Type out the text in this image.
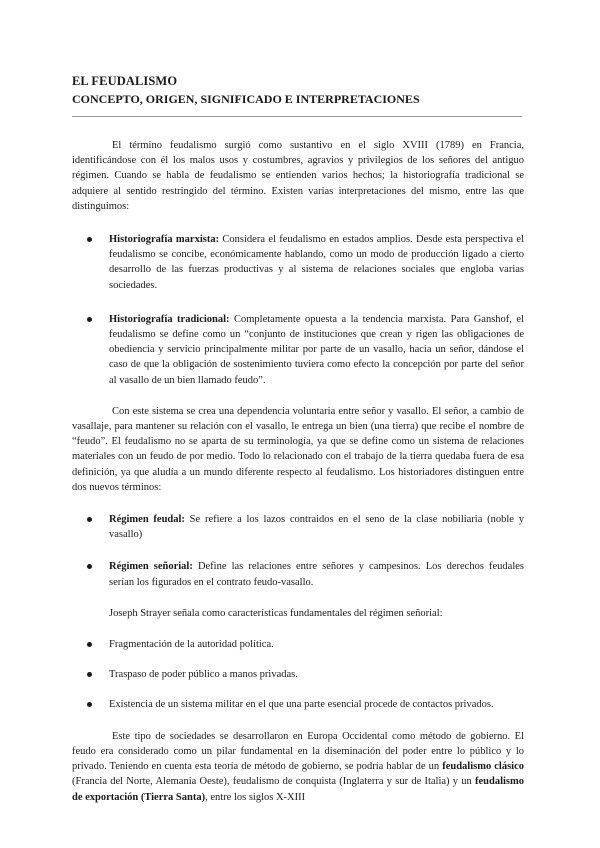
EL FEUDALISMO
CONCEPTO, ORIGEN, SIGNIFICADO E INTERPRETACIONES

El término feudalismo surgió como sustantivo en el siglo XVIII (1789) en Francia, identificándose con él los malos usos y costumbres, agravios y privilegios de los señores del antiguo régimen. Cuando se habla de feudalismo se entienden varios hechos; la historiografía tradicional se adquiere al sentido restringido del término. Existen varias interpretaciones del mismo, entre las que distinguimos:

Historiografía marxista: Considera el feudalismo en estados amplios. Desde esta perspectiva el feudalismo se concibe, económicamente hablando, como un modo de producción ligado a cierto desarrollo de las fuerzas productivas y al sistema de relaciones sociales que engloba varias sociedades.
Historiografía tradicional: Completamente opuesta a la tendencia marxista. Para Ganshof, el feudalismo se define como un “conjunto de instituciones que crean y rigen las obligaciones de obediencia y servicio principalmente militar por parte de un vasallo, hacia un señor, dándose el caso de que la obligación de sostenimiento tuviera como efecto la concepción por parte del señor al vasallo de un bien llamado feudo”.

Con este sistema se crea una dependencia voluntaria entre señor y vasallo. El señor, a cambio de vasallaje, para mantener su relación con el vasallo, le entrega un bien (una tierra) que recibe el nombre de “feudo”. El feudalismo no se aparta de su terminología, ya que se define como un sistema de relaciones materiales con un feudo de por medio. Todo lo relacionado con el trabajo de la tierra quedaba fuera de esa definición, ya que aludía a un mundo diferente respecto al feudalismo. Los historiadores distinguen entre dos nuevos términos:

Régimen feudal: Se refiere a los lazos contraidos en el seno de la clase nobiliaria (noble y vasallo)
Régimen señorial: Define las relaciones entre señores y campesinos. Los derechos feudales serían los figurados en el contrato feudo-vasallo.

Joseph Strayer señala como características fundamentales del régimen señorial:

Fragmentación de la autoridad política.
Traspaso de poder público a manos privadas.
Existencia de un sistema militar en el que una parte esencial procede de contactos privados.

Este tipo de sociedades se desarrollaron en Europa Occidental como método de gobierno. El feudo era considerado como un pilar fundamental en la diseminación del poder entre lo público y lo privado. Teniendo en cuenta esta teoría de método de gobierno, se podría hablar de un feudalismo clásico (Francia del Norte, Alemania Oeste), feudalismo de conquista (Inglaterra y sur de Italia) y un feudalismo de exportación (Tierra Santa), entre los siglos X-XIII
